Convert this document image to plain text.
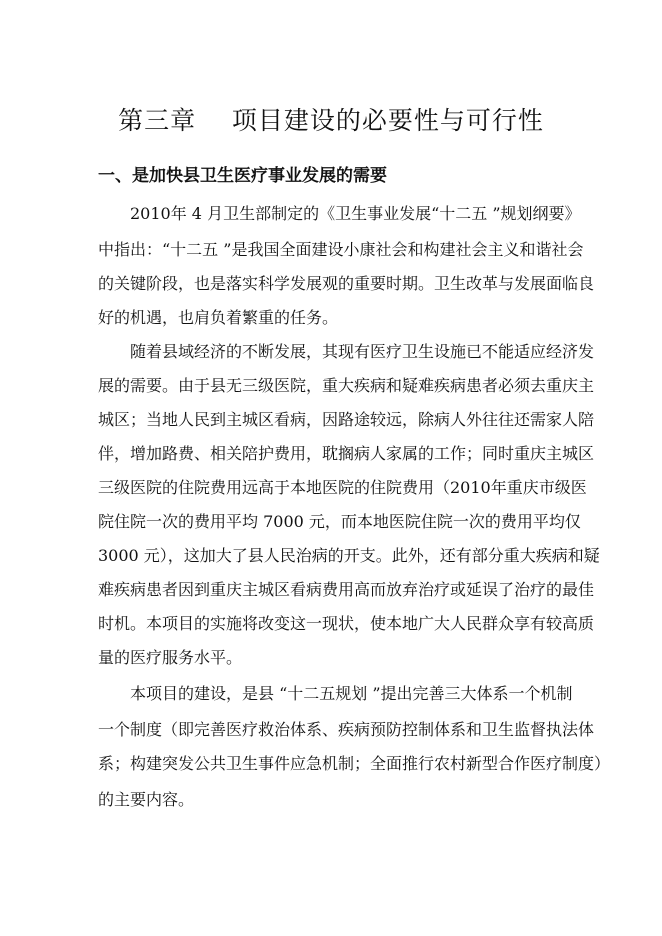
第三章    项目建设的必要性与可行性
一、是加快县卫生医疗事业发展的需要
2010年 4 月卫生部制定的《卫生事业发展“十二五 ”规划纲要》
中指出：“十二五 ”是我国全面建设小康社会和构建社会主义和谐社会
的关键阶段，也是落实科学发展观的重要时期。卫生改革与发展面临良
好的机遇，也肩负着繁重的任务。
随着县域经济的不断发展，其现有医疗卫生设施已不能适应经济发
展的需要。由于县无三级医院，重大疾病和疑难疾病患者必须去重庆主
城区；当地人民到主城区看病，因路途较远，除病人外往往还需家人陪
伴，增加路费、相关陪护费用，耽搁病人家属的工作；同时重庆主城区
三级医院的住院费用远高于本地医院的住院费用（2010年重庆市级医
院住院一次的费用平均 7000 元，而本地医院住院一次的费用平均仅
3000 元），这加大了县人民治病的开支。此外，还有部分重大疾病和疑
难疾病患者因到重庆主城区看病费用高而放弃治疗或延误了治疗的最佳
时机。本项目的实施将改变这一现状，使本地广大人民群众享有较高质
量的医疗服务水平。
本项目的建设，是县 “十二五规划 ”提出完善三大体系一个机制
一个制度（即完善医疗救治体系、疾病预防控制体系和卫生监督执法体
系；构建突发公共卫生事件应急机制；全面推行农村新型合作医疗制度）
的主要内容。
